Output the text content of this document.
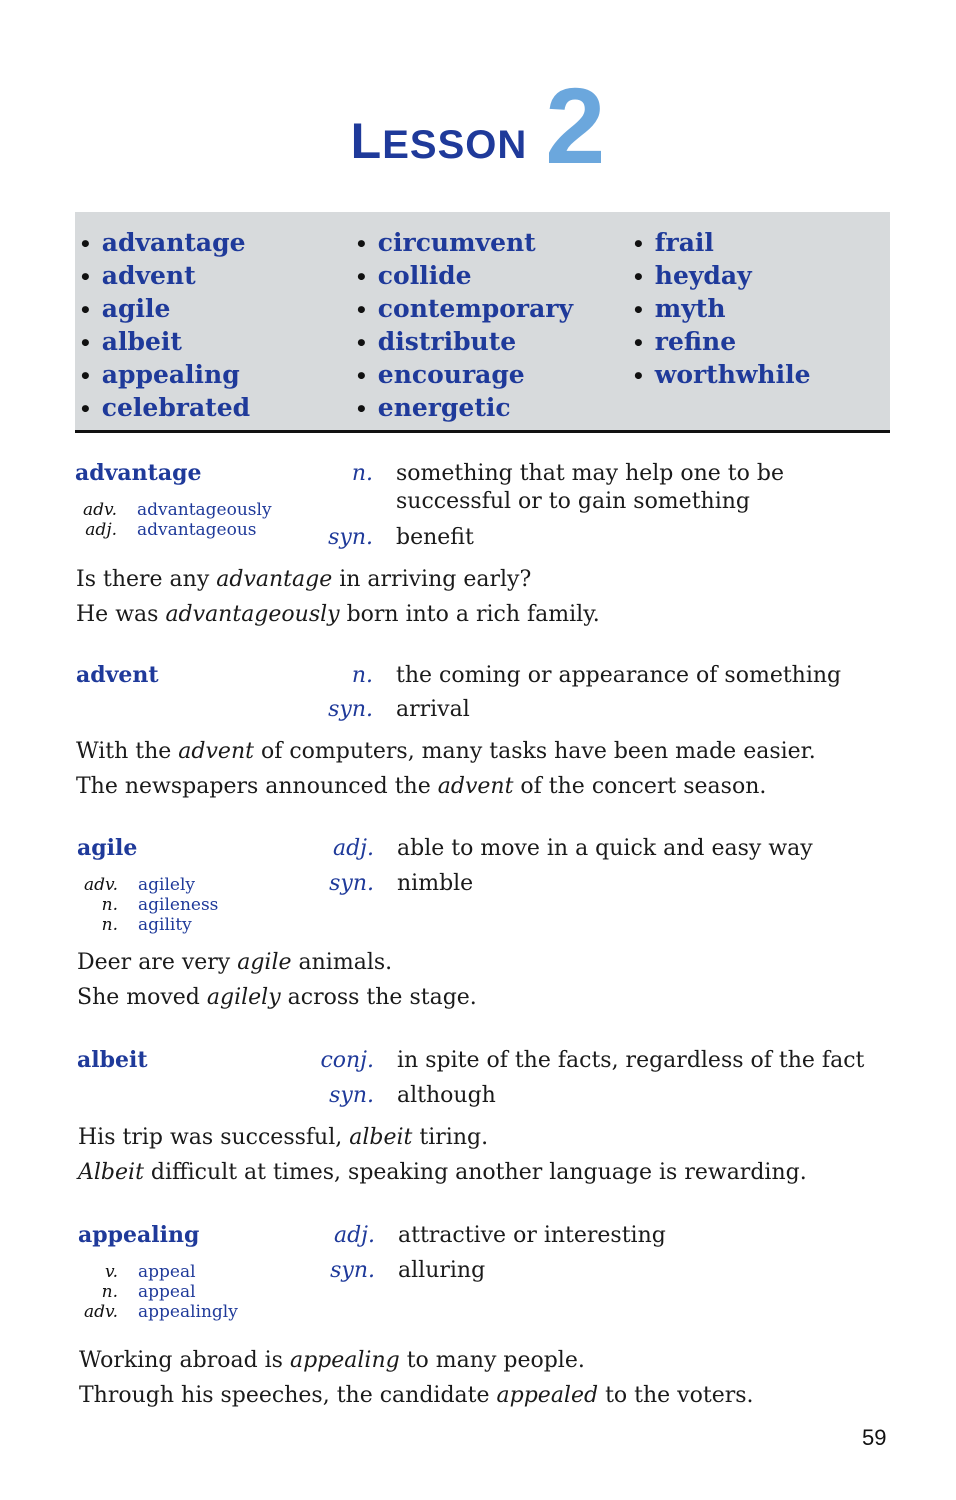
LESSON 2
• advantage
• advent
• agile
• albeit
• appealing
• celebrated
• circumvent
• collide
• contemporary
• distribute
• encourage
• energetic
• frail
• heyday
• myth
• refine
• worthwhile
advantage
adv. advantageously
adj. advantageous
n. something that may help one to be successful or to gain something
syn. benefit
Is there any advantage in arriving early?
He was advantageously born into a rich family.
advent	n. the coming or appearance of something
syn. arrival
With the advent of computers, many tasks have been made easier.
The newspapers announced the advent of the concert season.
agile
adv. agilely
n. agileness
n. agility
adj. able to move in a quick and easy way
syn. nimble
Deer are very agile animals.
She moved agilely across the stage.
albeit	conj. in spite of the facts, regardless of the fact
syn. although
His trip was successful, albeit tiring.
Albeit difficult at times, speaking another language is rewarding.
appealing
v. appeal
n. appeal
adv. appealingly
adj. attractive or interesting
syn. alluring
Working abroad is appealing to many people.
Through his speeches, the candidate appealed to the voters.
59
